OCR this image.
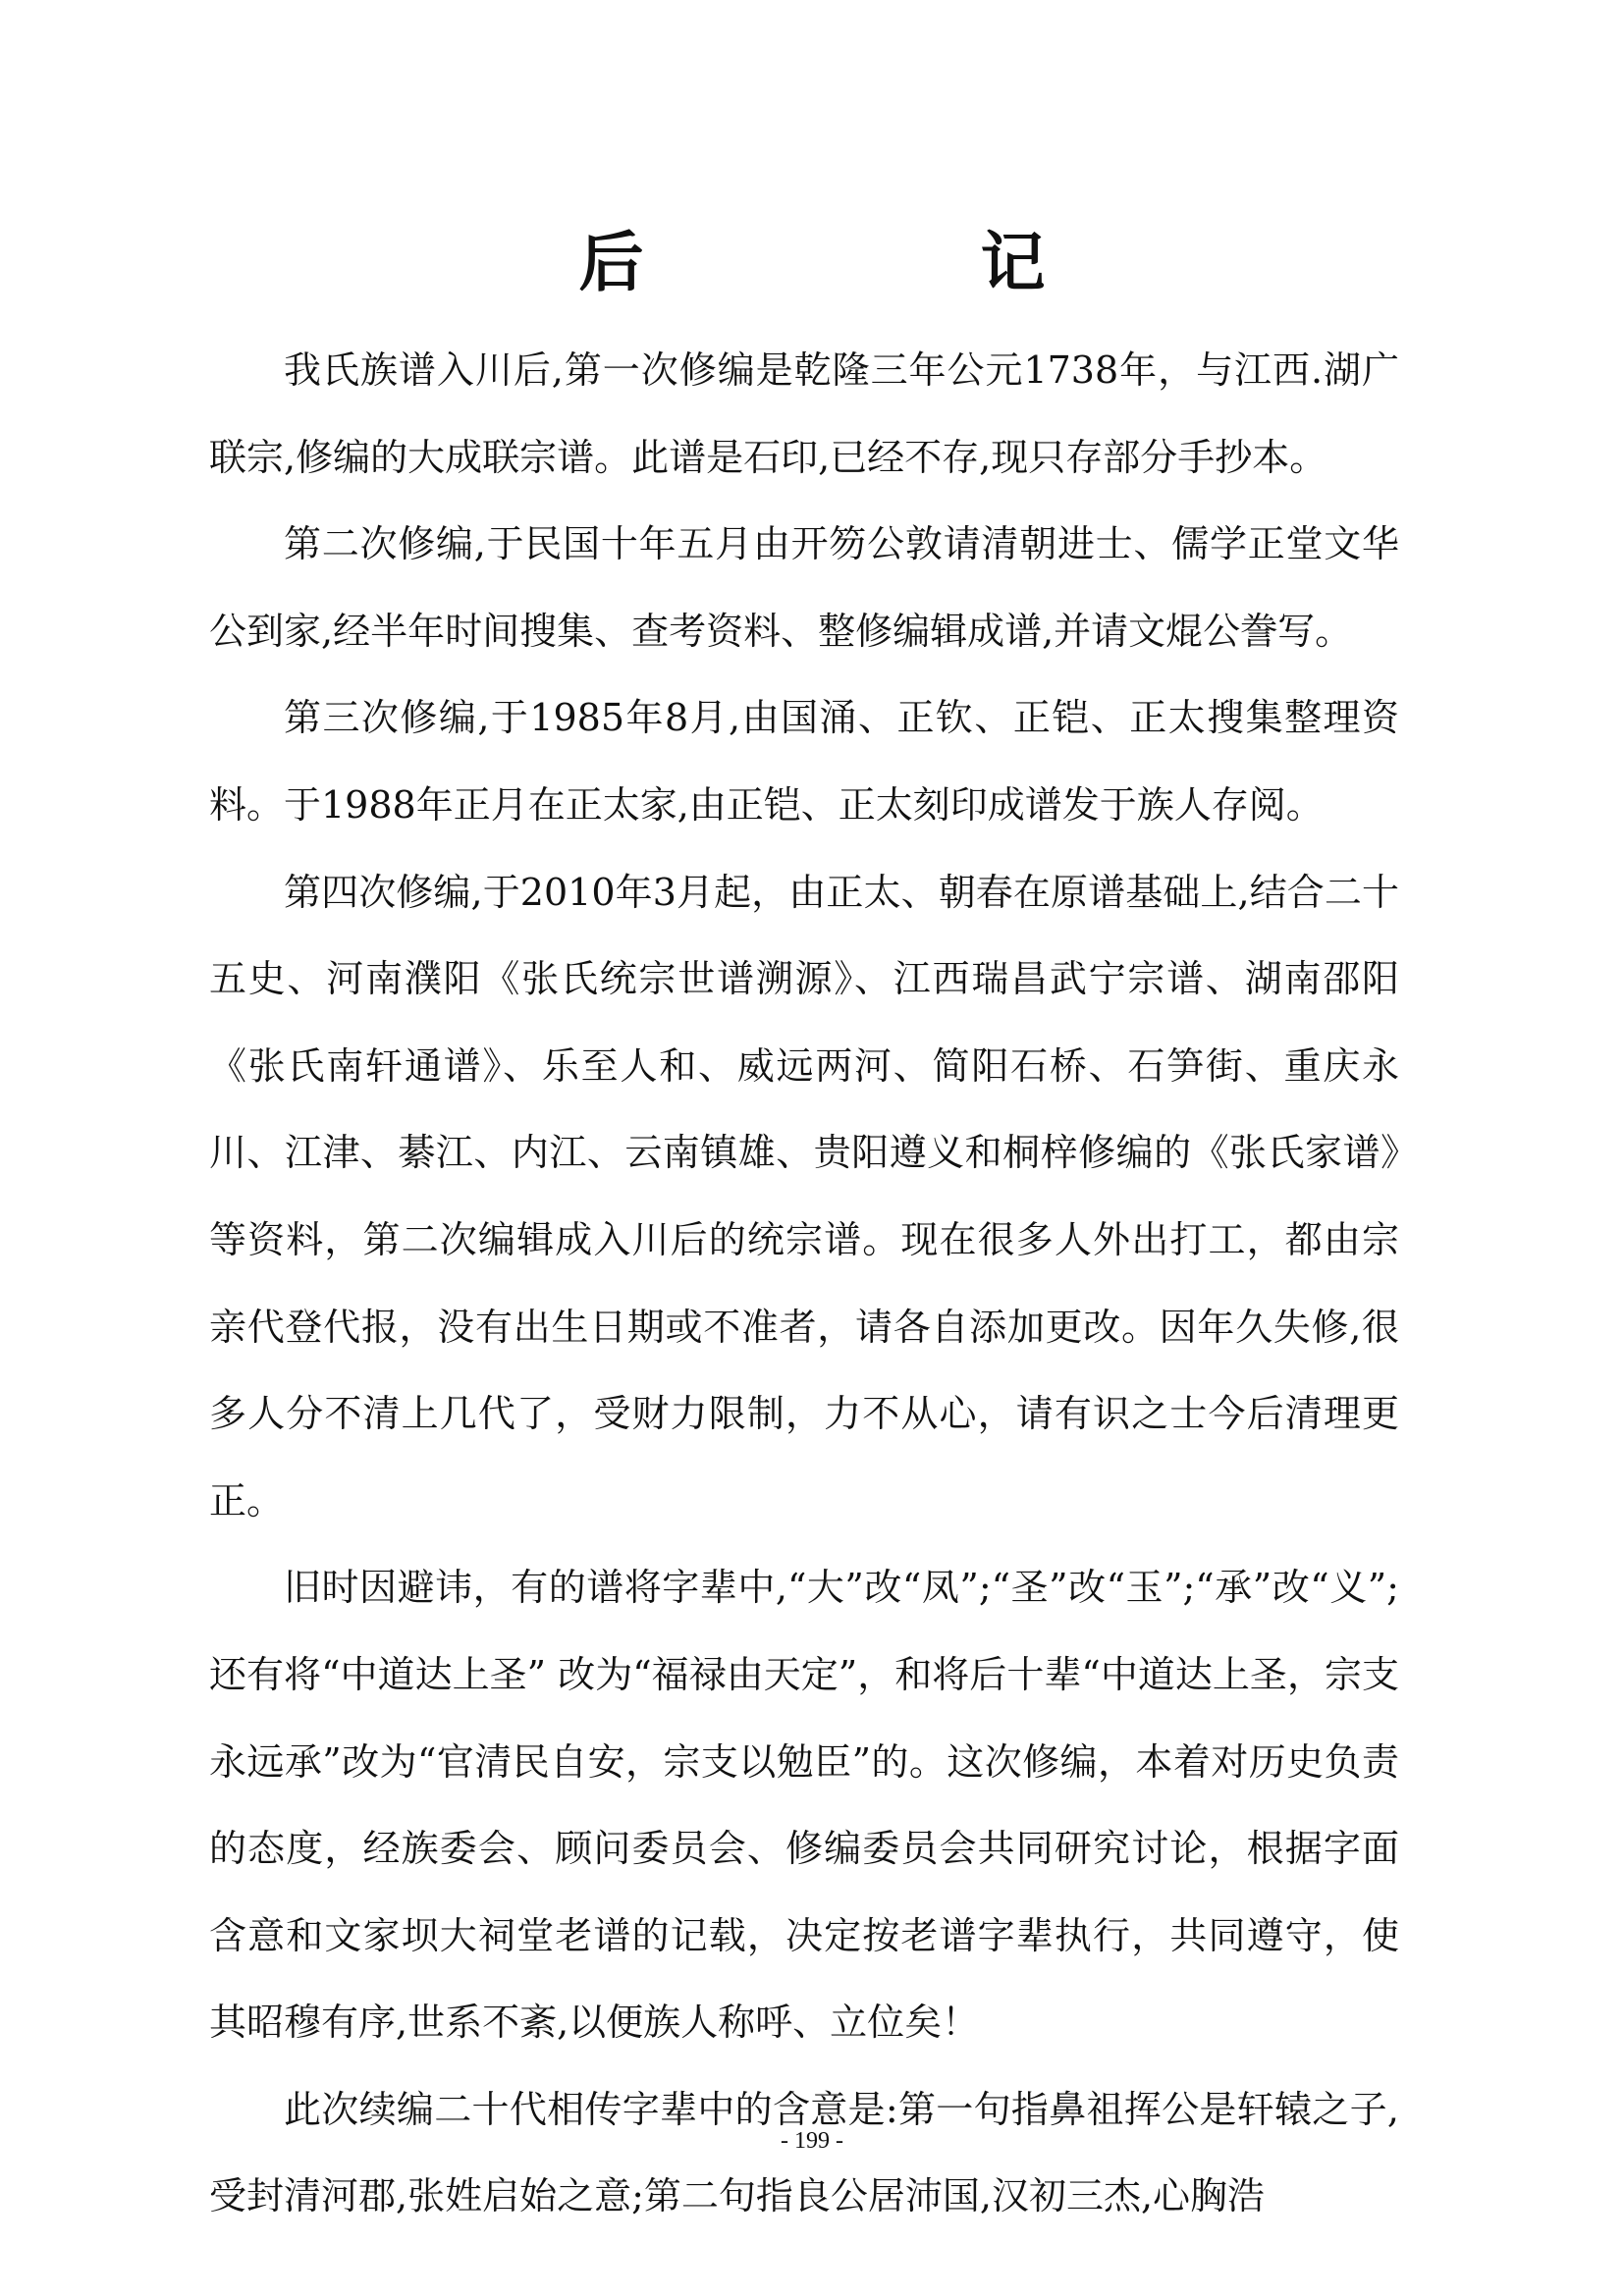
后 记

我氏族谱入川后,第一次修编是乾隆三年公元1738年，与江西.湖广联宗,修编的大成联宗谱。此谱是石印,已经不存,现只存部分手抄本。

第二次修编,于民国十年五月由开笏公敦请清朝进士、儒学正堂文华公到家,经半年时间搜集、查考资料、整修编辑成谱,并请文焜公誊写。

第三次修编,于1985年8月,由国涌、正钦、正铠、正太搜集整理资料。于1988年正月在正太家,由正铠、正太刻印成谱发于族人存阅。

第四次修编,于2010年3月起，由正太、朝春在原谱基础上,结合二十五史、河南濮阳《张氏统宗世谱溯源》、江西瑞昌武宁宗谱、湖南邵阳《张氏南轩通谱》、乐至人和、威远两河、简阳石桥、石笋街、重庆永川、江津、綦江、内江、云南镇雄、贵阳遵义和桐梓修编的《张氏家谱》等资料，第二次编辑成入川后的统宗谱。现在很多人外出打工，都由宗亲代登代报，没有出生日期或不准者，请各自添加更改。因年久失修,很多人分不清上几代了，受财力限制，力不从心，请有识之士今后清理更正。

旧时因避讳，有的谱将字辈中,“大”改“凤”;“圣”改“玉”;“承”改“义”;还有将“中道达上圣” 改为“福禄由天定”，和将后十辈“中道达上圣，宗支永远承”改为“官清民自安，宗支以勉臣”的。这次修编，本着对历史负责的态度，经族委会、顾问委员会、修编委员会共同研究讨论，根据字面含意和文家坝大祠堂老谱的记载，决定按老谱字辈执行，共同遵守，使其昭穆有序,世系不紊,以便族人称呼、立位矣！

此次续编二十代相传字辈中的含意是:第一句指鼻祖挥公是轩辕之子,受封清河郡,张姓启始之意;第二句指良公居沛国,汉初三杰,心胸浩

- 199 -
